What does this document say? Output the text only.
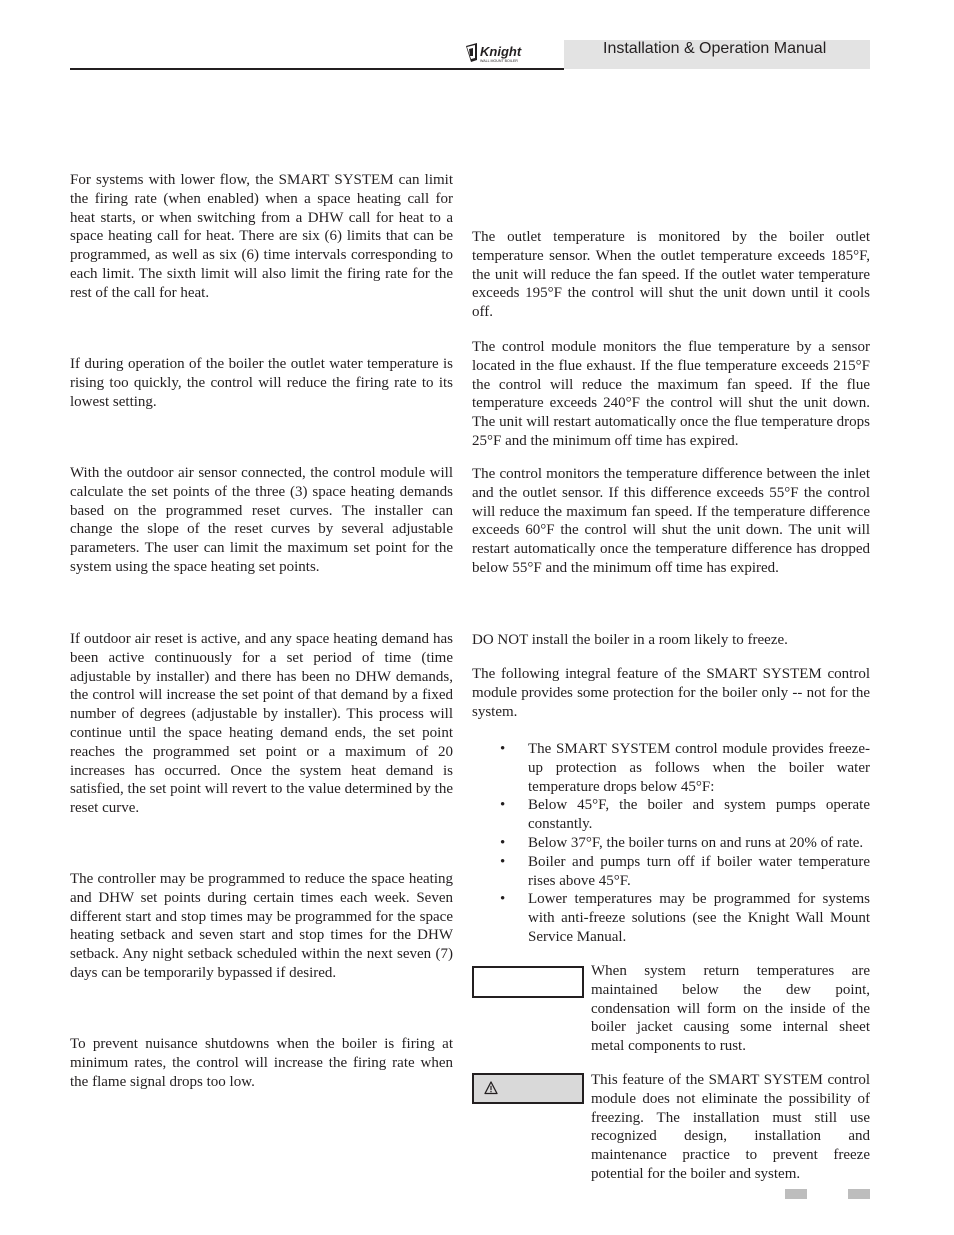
Knight
WALL MOUNT BOILER
Installation & Operation Manual

For systems with lower flow, the SMART SYSTEM can limit the firing rate (when enabled) when a space heating call for heat starts, or when switching from a DHW call for heat to a space heating call for heat. There are six (6) limits that can be programmed, as well as six (6) time intervals corresponding to each limit. The sixth limit will also limit the firing rate for the rest of the call for heat.

If during operation of the boiler the outlet water temperature is rising too quickly, the control will reduce the firing rate to its lowest setting.

With the outdoor air sensor connected, the control module will calculate the set points of the three (3) space heating demands based on the programmed reset curves. The installer can change the slope of the reset curves by several adjustable parameters. The user can limit the maximum set point for the system using the space heating set points.

If outdoor air reset is active, and any space heating demand has been active continuously for a set period of time (time adjustable by installer) and there has been no DHW demands, the control will increase the set point of that demand by a fixed number of degrees (adjustable by installer). This process will continue until the space heating demand ends, the set point reaches the programmed set point or a maximum of 20 increases has occurred. Once the system heat demand is satisfied, the set point will revert to the value determined by the reset curve.

The controller may be programmed to reduce the space heating and DHW set points during certain times each week. Seven different start and stop times may be programmed for the space heating setback and seven start and stop times for the DHW setback. Any night setback scheduled within the next seven (7) days can be temporarily bypassed if desired.

To prevent nuisance shutdowns when the boiler is firing at minimum rates, the control will increase the firing rate when the flame signal drops too low.

The outlet temperature is monitored by the boiler outlet temperature sensor. When the outlet temperature exceeds 185°F, the unit will reduce the fan speed. If the outlet water temperature exceeds 195°F the control will shut the unit down until it cools off.

The control module monitors the flue temperature by a sensor located in the flue exhaust. If the flue temperature exceeds 215°F the control will reduce the maximum fan speed. If the flue temperature exceeds 240°F the control will shut the unit down. The unit will restart automatically once the flue temperature drops 25°F and the minimum off time has expired.

The control monitors the temperature difference between the inlet and the outlet sensor. If this difference exceeds 55°F the control will reduce the maximum fan speed. If the temperature difference exceeds 60°F the control will shut the unit down. The unit will restart automatically once the temperature difference has dropped below 55°F and the minimum off time has expired.

DO NOT install the boiler in a room likely to freeze.

The following integral feature of the SMART SYSTEM control module provides some protection for the boiler only -- not for the system.

• The SMART SYSTEM control module provides freeze-up protection as follows when the boiler water temperature drops below 45°F:
• Below 45°F, the boiler and system pumps operate constantly.
• Below 37°F, the boiler turns on and runs at 20% of rate.
• Boiler and pumps turn off if boiler water temperature rises above 45°F.
• Lower temperatures may be programmed for systems with anti-freeze solutions (see the Knight Wall Mount Service Manual.

When system return temperatures are maintained below the dew point, condensation will form on the inside of the boiler jacket causing some internal sheet metal components to rust.

This feature of the SMART SYSTEM control module does not eliminate the possibility of freezing. The installation must still use recognized design, installation and maintenance practice to prevent freeze potential for the boiler and system.
